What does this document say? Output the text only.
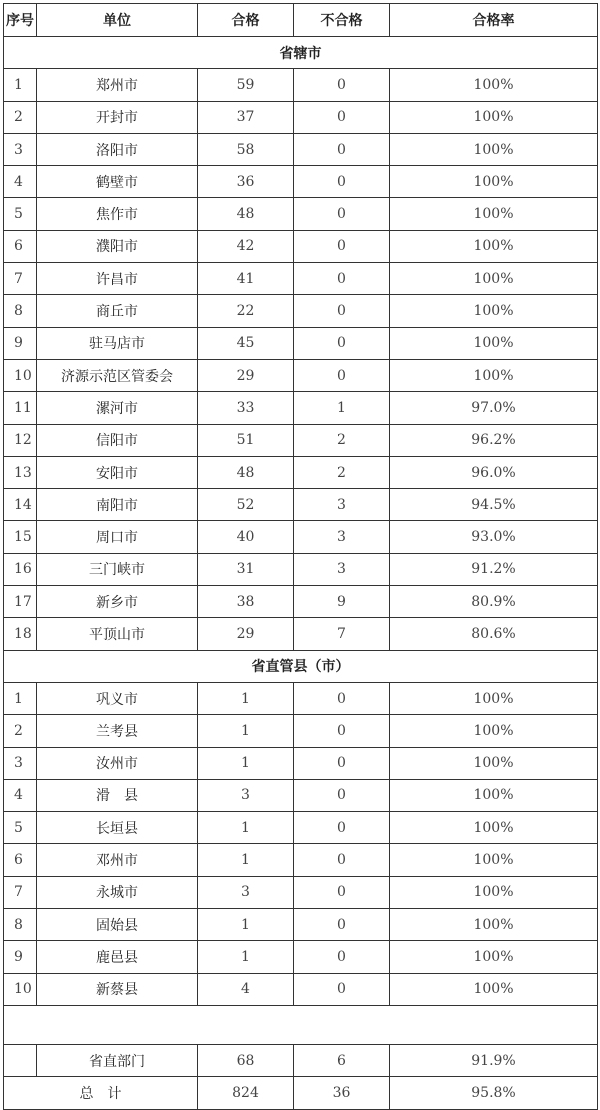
序号	单位	合格	不合格	合格率
省辖市				
1	郑州市	59	0	100%
2	开封市	37	0	100%
3	洛阳市	58	0	100%
4	鹤壁市	36	0	100%
5	焦作市	48	0	100%
6	濮阳市	42	0	100%
7	许昌市	41	0	100%
8	商丘市	22	0	100%
9	驻马店市	45	0	100%
10	济源示范区管委会	29	0	100%
11	漯河市	33	1	97.0%
12	信阳市	51	2	96.2%
13	安阳市	48	2	96.0%
14	南阳市	52	3	94.5%
15	周口市	40	3	93.0%
16	三门峡市	31	3	91.2%
17	新乡市	38	9	80.9%
18	平顶山市	29	7	80.6%
省直管县（市）				
1	巩义市	1	0	100%
2	兰考县	1	0	100%
3	汝州市	1	0	100%
4	滑　县	3	0	100%
5	长垣县	1	0	100%
6	邓州市	1	0	100%
7	永城市	3	0	100%
8	固始县	1	0	100%
9	鹿邑县	1	0	100%
10	新蔡县	4	0	100%

	省直部门	68	6	91.9%
总　计		824	36	95.8%
